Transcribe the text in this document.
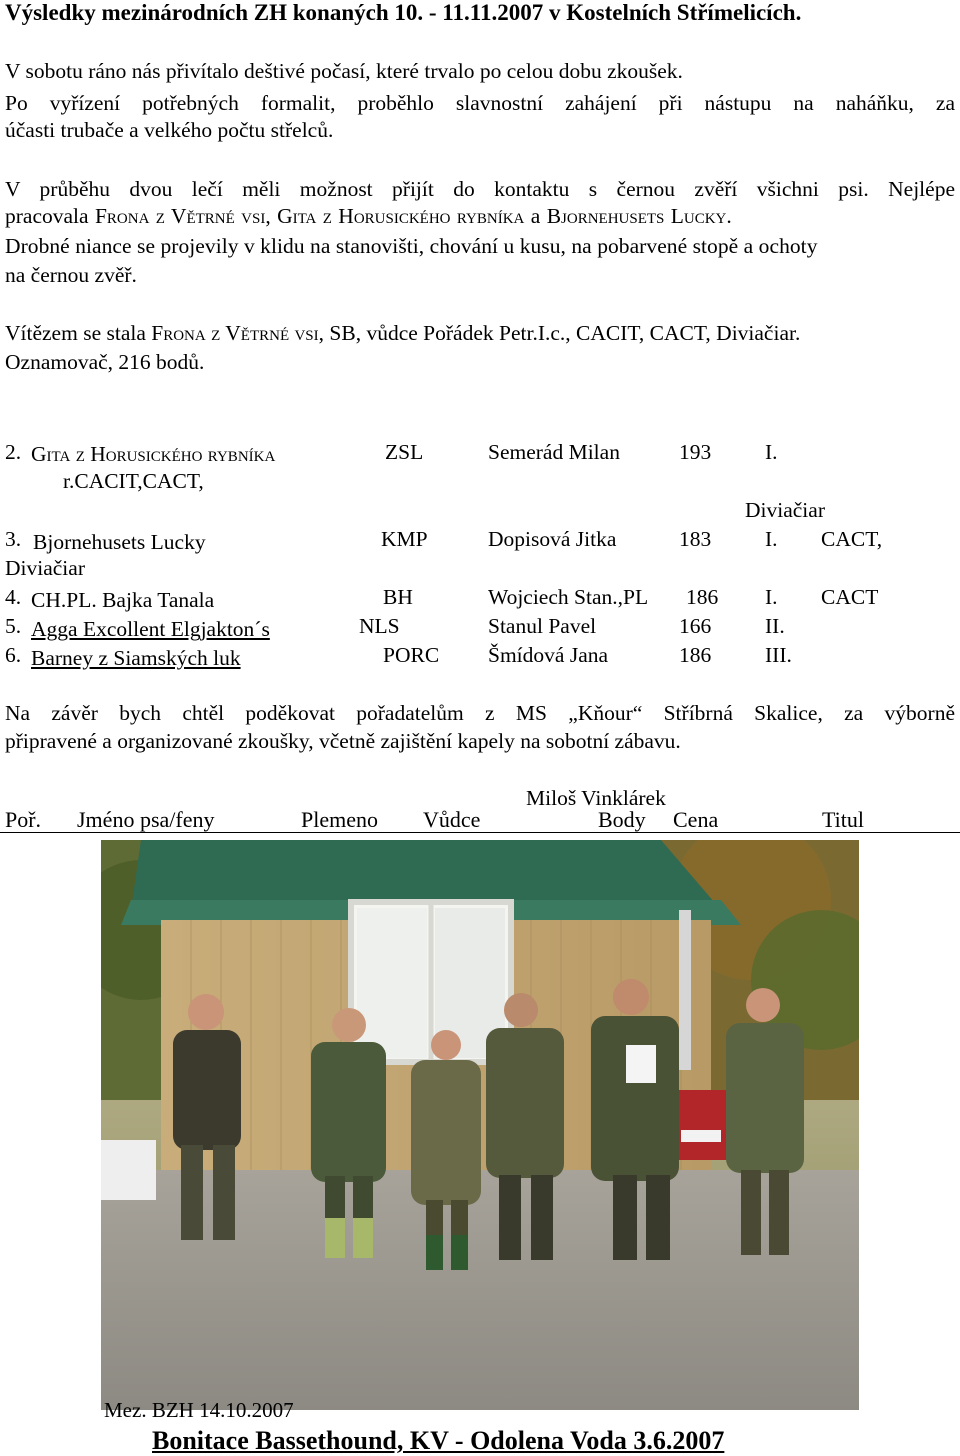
Výsledky mezinárodních ZH konaných 10. - 11.11.2007 v Kostelních Střímelicích.
V sobotu ráno nás přivítalo deštivé počasí, které trvalo po celou dobu zkoušek.
Po vyřízení potřebných formalit, proběhlo slavnostní zahájení při nástupu na naháňku, za
účasti trubače a velkého počtu střelců.
V průběhu dvou lečí měli možnost přijít do kontaktu s černou zvěří všichni psi. Nejlépe
pracovala Frona z Větrné vsi, Gita z Horusického rybníka a Bjornehusets Lucky.
Drobné niance se projevily v klidu na stanovišti, chování u kusu, na pobarvené stopě a ochoty
na černou zvěř.
Vítězem se stala Frona z Větrné vsi, SB, vůdce Pořádek Petr.I.c., CACIT, CACT, Diviačiar.
Oznamovač, 216 bodů.
Poř. Jméno psa/feny	Plemeno Vůdce	Body Cena	Titul
2. Gita z Horusického rybníka	ZSL	Semerád Milan	193	I.
r.CACIT,CACT,
Diviačiar
3. Bjornehusets Lucky	KMP	Dopisová Jitka	183	I. CACT,
Diviačiar
4. CH.PL. Bajka Tanala	BH	Wojciech Stan.,PL 186 I. CACT
5. Agga Excollent Elgjakton´s	NLS	Stanul Pavel	166	II.
6. Barney z Siamských luk	PORC Šmídová Jana	186	III.
Na závěr bych chtěl poděkovat pořadatelům z MS „Kňour“ Stříbrná Skalice, za výborně
připravené a organizované zkoušky, včetně zajištění kapely na sobotní zábavu.
Miloš Vinklárek
Mez. BZH 14.10.2007
Bonitace Bassethound, KV - Odolena Voda 3.6.2007
